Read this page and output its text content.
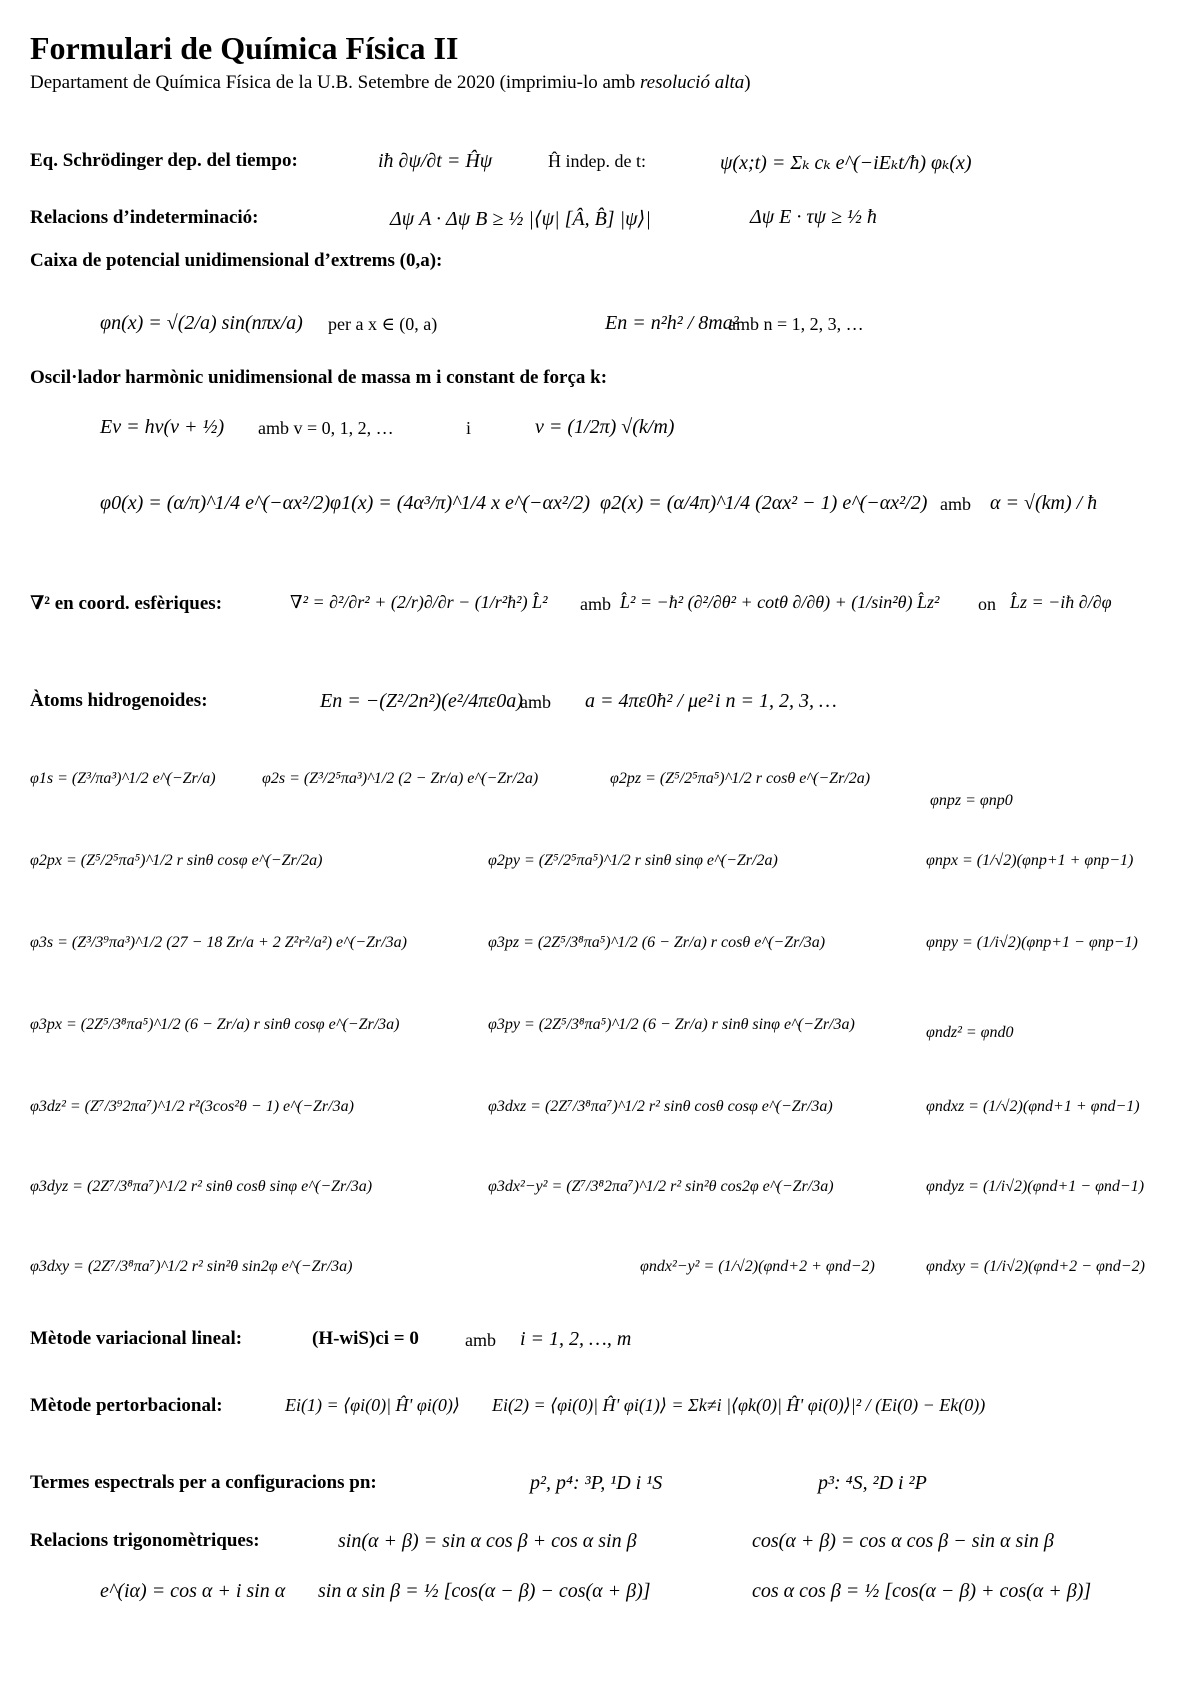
Formulari de Química Física II
Departament de Química Física de la U.B. Setembre de 2020 (imprimiu-lo amb resolució alta)
Eq. Schrödinger dep. del tiempo:	iħ ∂ψ/∂t = Ĥψ	Ĥ indep. de t:	ψ(x;t) = Σₖ cₖ e^(−iEₖt/ħ) φₖ(x)
Relacions d’indeterminació:	Δψ A · Δψ B ≥ ½ |⟨ψ| [Â, B̂] |ψ⟩|	Δψ E · τψ ≥ ½ ħ
Caixa de potencial unidimensional d’extrems (0,a):
φn(x) = √(2/a) sin(nπx/a) per a x ∈ (0, a)	En = n²h² / 8ma²
amb n = 1, 2, 3, …
Oscil·lador harmònic unidimensional de massa m i constant de força k:
Ev = hν(v + ½) amb v = 0, 1, 2, …	i	ν = (1/2π) √(k/m)
φ0(x) = (α/π)^1/4 e^(−αx²/2) φ1(x) = (4α³/π)^1/4 x e^(−αx²/2) φ2(x) = (α/4π)^1/4 (2αx² − 1) e^(−αx²/2) amb α = √(km) / ħ
∇² en coord. esfèriques:	∇² = ∂²/∂r² + (2/r)∂/∂r − (1/r²ħ²) L̂² amb L̂² = −ħ² (∂²/∂θ² + cotθ ∂/∂θ) + (1/sin²θ) L̂z² on L̂z = −iħ ∂/∂φ
Àtoms hidrogenoides:	En = −(Z²/2n²)(e²/4πε0a)
amb a = 4πε0ħ² / μe² i n = 1, 2, 3, …
φ1s = (Z³/πa³)^1/2 e^(−Zr/a)	φ2s = (Z³/2⁵πa³)^1/2 (2 − Zr/a) e^(−Zr/2a)	φ2pz = (Z⁵/2⁵πa⁵)^1/2 r cosθ e^(−Zr/2a)
φnpz = φnp0
φ2px = (Z⁵/2⁵πa⁵)^1/2 r sinθ cosφ e^(−Zr/2a)	φ2py = (Z⁵/2⁵πa⁵)^1/2 r sinθ sinφ e^(−Zr/2a)	φnpx = (1/√2)(φnp+1 + φnp−1)
φ3s = (Z³/3⁹πa³)^1/2 (27 − 18 Zr/a + 2 Z²r²/a²) e^(−Zr/3a)	φ3pz = (2Z⁵/3⁸πa⁵)^1/2 (6 − Zr/a) r cosθ e^(−Zr/3a)	φnpy = (1/i√2)(φnp+1 − φnp−1)
φ3px = (2Z⁵/3⁸πa⁵)^1/2 (6 − Zr/a) r sinθ cosφ e^(−Zr/3a)	φ3py = (2Z⁵/3⁸πa⁵)^1/2 (6 − Zr/a) r sinθ sinφ e^(−Zr/3a)	φndz² = φnd0
φ3dz² = (Z⁷/3⁹2πa⁷)^1/2 r²(3cos²θ − 1) e^(−Zr/3a)	φ3dxz = (2Z⁷/3⁸πa⁷)^1/2 r² sinθ cosθ cosφ e^(−Zr/3a)	φndxz = (1/√2)(φnd+1 + φnd−1)
φ3dyz = (2Z⁷/3⁸πa⁷)^1/2 r² sinθ cosθ sinφ e^(−Zr/3a)	φ3dx²−y² = (Z⁷/3⁸2πa⁷)^1/2 r² sin²θ cos2φ e^(−Zr/3a)	φndyz = (1/i√2)(φnd+1 − φnd−1)
φ3dxy = (2Z⁷/3⁸πa⁷)^1/2 r² sin²θ sin2φ e^(−Zr/3a)	φndx²−y² = (1/√2)(φnd+2 + φnd−2)	φndxy = (1/i√2)(φnd+2 − φnd−2)
Mètode variacional lineal:	(H-wiS)ci = 0	amb i = 1, 2, …, m
Mètode pertorbacional:	Ei(1) = ⟨φi(0)| Ĥ' φi(0)⟩ Ei(2) = ⟨φi(0)| Ĥ' φi(1)⟩ = Σk≠i |⟨φk(0)| Ĥ' φi(0)⟩|² / (Ei(0) − Ek(0))
Termes espectrals per a configuracions pn:	p², p⁴: ³P, ¹D i ¹S	p³: ⁴S, ²D i ²P
Relacions trigonomètriques:	sin(α + β) = sin α cos β + cos α sin β	cos(α + β) = cos α cos β − sin α sin β
e^(iα) = cos α + i sin α sin α sin β = ½ [cos(α − β) − cos(α + β)]	cos α cos β = ½ [cos(α − β) + cos(α + β)]
